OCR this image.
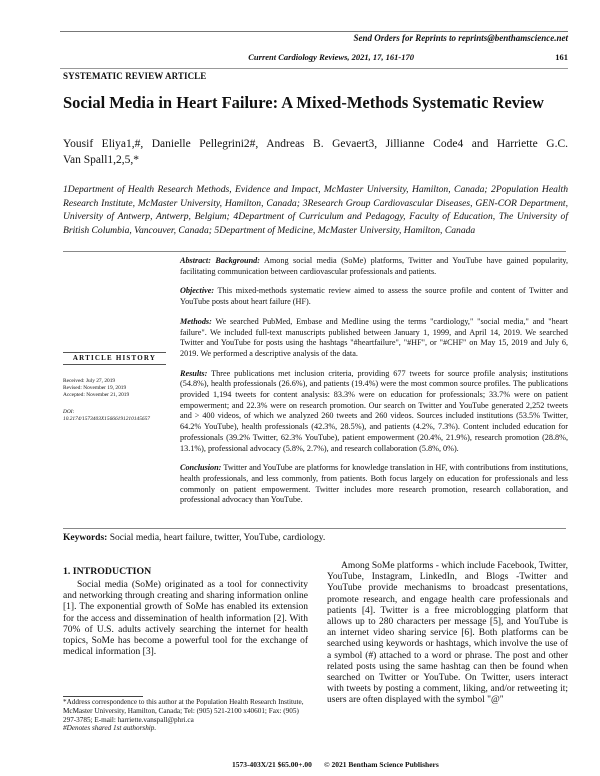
Send Orders for Reprints to reprints@benthamscience.net
Current Cardiology Reviews, 2021, 17, 161-170	161
SYSTEMATIC REVIEW ARTICLE
Social Media in Heart Failure: A Mixed-Methods Systematic Review
Yousif Eliya1,#, Danielle Pellegrini2#, Andreas B. Gevaert3, Jillianne Code4 and Harriette G.C.
Van Spall1,2,5,*
1Department of Health Research Methods, Evidence and Impact, McMaster University, Hamilton, Canada; 2Population Health Research Institute, McMaster University, Hamilton, Canada; 3Research Group Cardiovascular Diseases, GEN-COR Department, University of Antwerp, Antwerp, Belgium; 4Department of Curriculum and Pedagogy, Faculty of Education, The University of British Columbia, Vancouver, Canada; 5Department of Medicine, McMaster University, Hamilton, Canada

Abstract: Background: Among social media (SoMe) platforms, Twitter and YouTube have gained popularity, facilitating communication between cardiovascular professionals and patients.

Objective: This mixed-methods systematic review aimed to assess the source profile and content of Twitter and YouTube posts about heart failure (HF).

Methods: We searched PubMed, Embase and Medline using the terms "cardiology," "social media," and "heart failure". We included full-text manuscripts published between January 1, 1999, and April 14, 2019. We searched Twitter and YouTube for posts using the hashtags "#heartfailure", "#HF", or "#CHF" on May 15, 2019 and July 6, 2019. We performed a descriptive analysis of the data.

Results: Three publications met inclusion criteria, providing 677 tweets for source profile analysis; institutions (54.8%), health professionals (26.6%), and patients (19.4%) were the most common source profiles. The publications provided 1,194 tweets for content analysis: 83.3% were on education for professionals; 33.7% were on patient empowerment; and 22.3% were on research promotion. Our search on Twitter and YouTube generated 2,252 tweets and > 400 videos, of which we analyzed 260 tweets and 260 videos. Sources included institutions (53.5% Twitter, 64.2% YouTube), health professionals (42.3%, 28.5%), and patients (4.2%, 7.3%). Content included education for professionals (39.2% Twitter, 62.3% YouTube), patient empowerment (20.4%, 21.9%), research promotion (28.8%, 13.1%), professional advocacy (5.8%, 2.7%), and research collaboration (5.8%, 0%).

Conclusion: Twitter and YouTube are platforms for knowledge translation in HF, with contributions from institutions, health professionals, and less commonly, from patients. Both focus largely on education for professionals and less commonly on patient empowerment. Twitter includes more research promotion, research collaboration, and professional advocacy than YouTube.

ARTICLE HISTORY
Received: July 27, 2019
Revised: November 19, 2019
Accepted: November 21, 2019
DOI:
10.2174/1573403X15666191210145657
Keywords: Social media, heart failure, twitter, YouTube, cardiology.
1. INTRODUCTION
Social media (SoMe) originated as a tool for connectivity and networking through creating and sharing information online [1]. The exponential growth of SoMe has enabled its extension for the access and dissemination of health information [2]. With 70% of U.S. adults actively searching the internet for health topics, SoMe has become a powerful tool for the exchange of medical information [3].
Among SoMe platforms - which include Facebook, Twitter, YouTube, Instagram, LinkedIn, and Blogs -Twitter and YouTube provide mechanisms to broadcast presentations, promote research, and engage health care professionals and patients [4]. Twitter is a free microblogging platform that allows up to 280 characters per message [5], and YouTube is an internet video sharing service [6]. Both platforms can be searched using keywords or hashtags, which involve the use of a symbol (#) attached to a word or phrase. The post and other related posts using the same hashtag can then be found when searched on Twitter or YouTube. On Twitter, users interact with tweets by posting a comment, liking, and/or retweeting it; users are often displayed with the symbol "@"
*Address correspondence to this author at the Population Health Research Institute, McMaster University, Hamilton, Canada; Tel: (905) 521-2100 x40601; Fax: (905) 297-3785; E-mail: harriette.vanspall@phri.ca
#Denotes shared 1st authorship.
1573-403X/21 $65.00+.00 © 2021 Bentham Science Publishers
